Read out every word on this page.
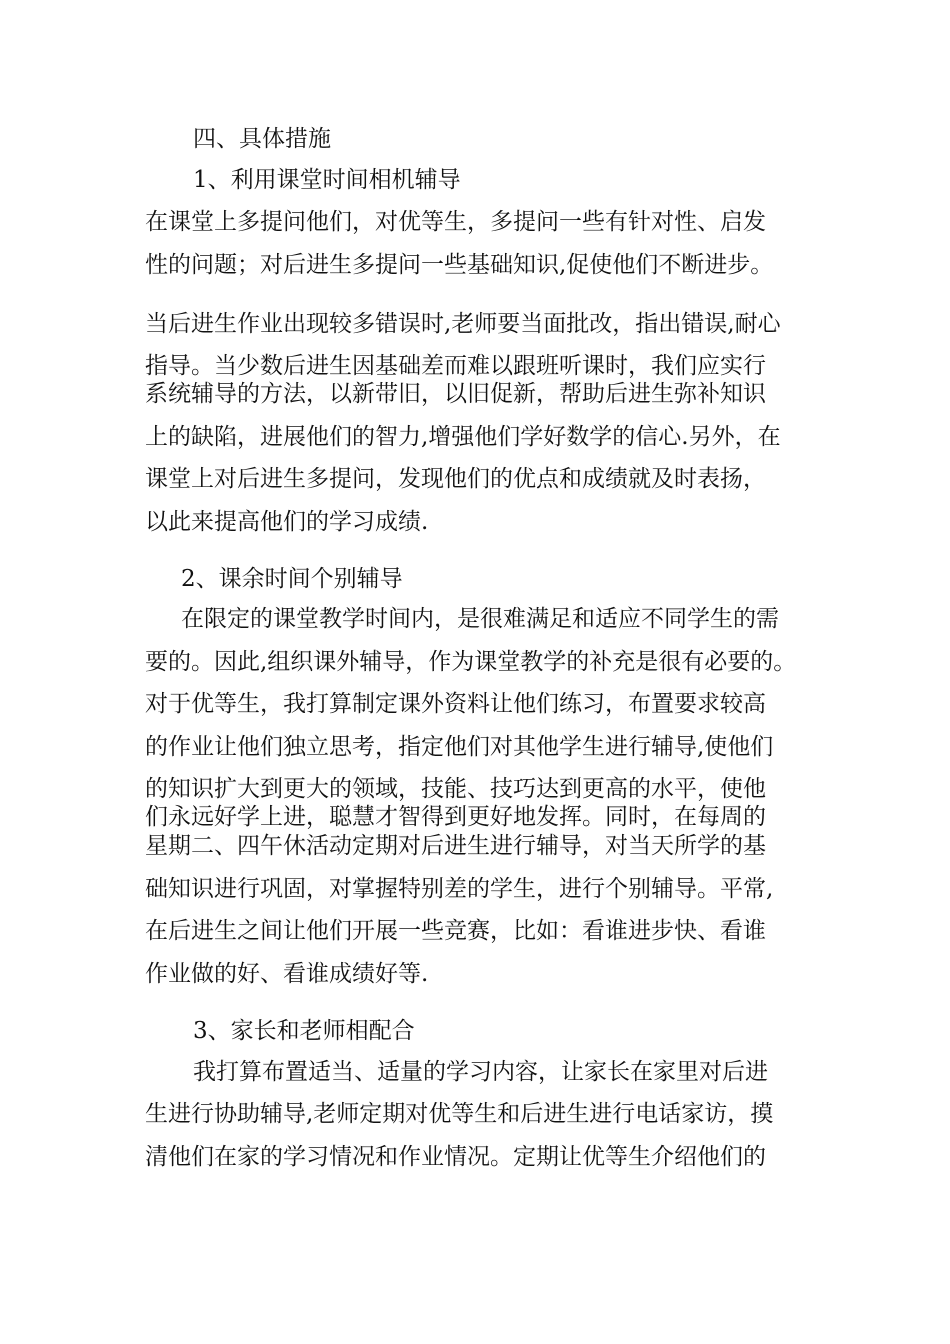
四、具体措施
1、利用课堂时间相机辅导
在课堂上多提问他们，对优等生，多提问一些有针对性、启发
性的问题；对后进生多提问一些基础知识,促使他们不断进步。
当后进生作业出现较多错误时,老师要当面批改，指出错误,耐心
指导。当少数后进生因基础差而难以跟班听课时，我们应实行
系统辅导的方法，以新带旧，以旧促新，帮助后进生弥补知识
上的缺陷，进展他们的智力,增强他们学好数学的信心.另外，在
课堂上对后进生多提问，发现他们的优点和成绩就及时表扬，
以此来提高他们的学习成绩.
2、课余时间个别辅导
在限定的课堂教学时间内，是很难满足和适应不同学生的需
要的。因此,组织课外辅导，作为课堂教学的补充是很有必要的。
对于优等生，我打算制定课外资料让他们练习，布置要求较高
的作业让他们独立思考，指定他们对其他学生进行辅导,使他们
的知识扩大到更大的领域，技能、技巧达到更高的水平，使他
们永远好学上进，聪慧才智得到更好地发挥。同时，在每周的
星期二、四午休活动定期对后进生进行辅导，对当天所学的基
础知识进行巩固，对掌握特别差的学生，进行个别辅导。平常,
在后进生之间让他们开展一些竞赛，比如：看谁进步快、看谁
作业做的好、看谁成绩好等.
3、家长和老师相配合
我打算布置适当、适量的学习内容，让家长在家里对后进
生进行协助辅导,老师定期对优等生和后进生进行电话家访，摸
清他们在家的学习情况和作业情况。定期让优等生介绍他们的
